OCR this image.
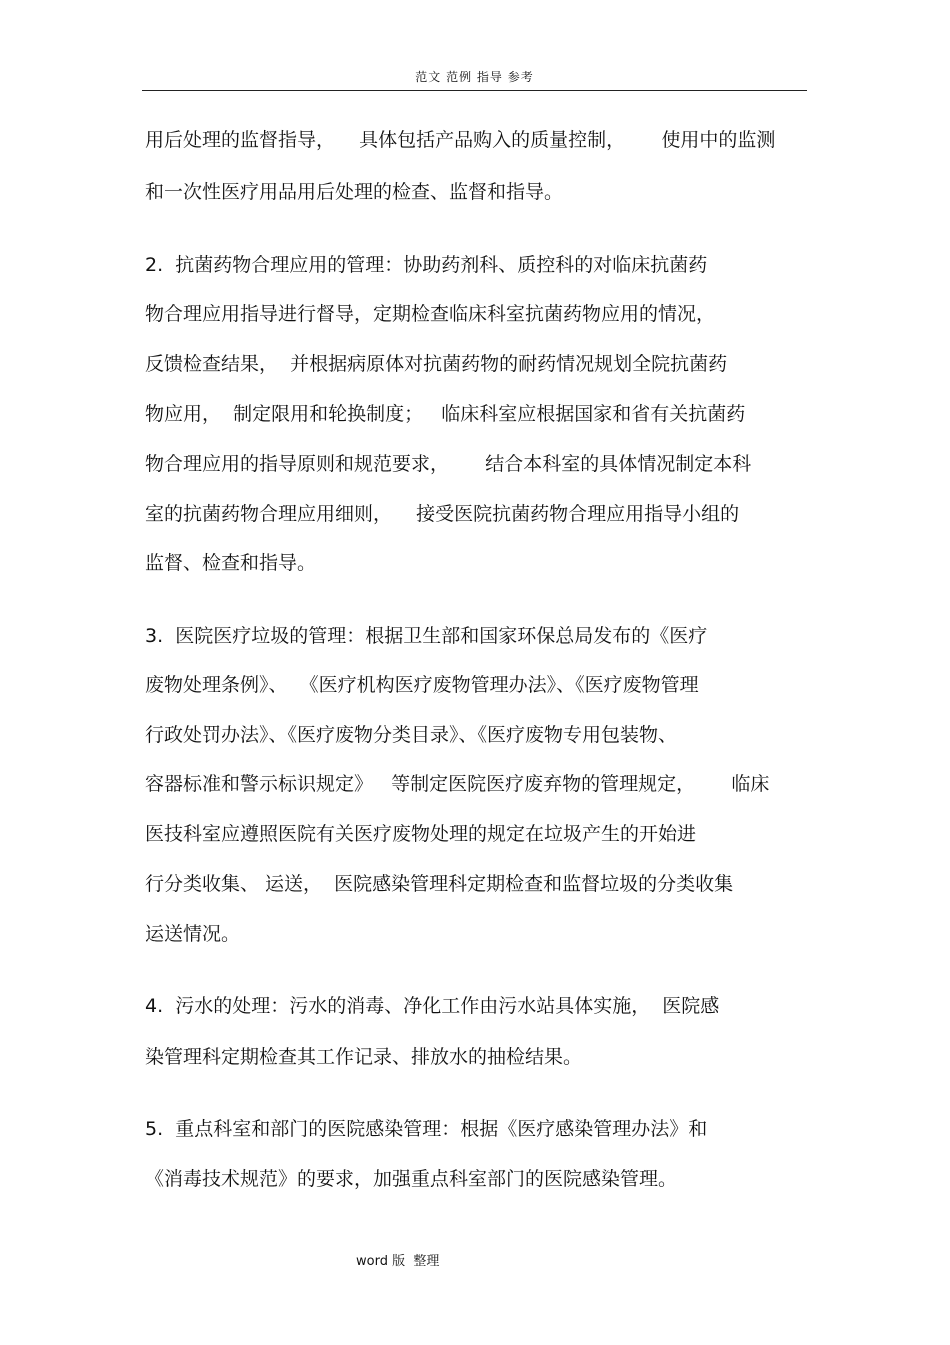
范文 范例 指导 参考
用后处理的监督指导，    具体包括产品购入的质量控制，      使用中的监测
和一次性医疗用品用后处理的检查、监督和指导。
2.  抗菌药物合理应用的管理：协助药剂科、质控科的对临床抗菌药
物合理应用指导进行督导，定期检查临床科室抗菌药物应用的情况，
反馈检查结果，  并根据病原体对抗菌药物的耐药情况规划全院抗菌药
物应用，  制定限用和轮换制度；   临床科室应根据国家和省有关抗菌药
物合理应用的指导原则和规范要求，      结合本科室的具体情况制定本科
室的抗菌药物合理应用细则，    接受医院抗菌药物合理应用指导小组的
监督、检查和指导。
3.  医院医疗垃圾的管理：根据卫生部和国家环保总局发布的《医疗
废物处理条例》、  《医疗机构医疗废物管理办法》、《医疗废物管理
行政处罚办法》、《医疗废物分类目录》、《医疗废物专用包装物、
容器标准和警示标识规定》   等制定医院医疗废弃物的管理规定，      临床
医技科室应遵照医院有关医疗废物处理的规定在垃圾产生的开始进
行分类收集、 运送，  医院感染管理科定期检查和监督垃圾的分类收集
运送情况。
4.  污水的处理：污水的消毒、净化工作由污水站具体实施，  医院感
染管理科定期检查其工作记录、排放水的抽检结果。
5.  重点科室和部门的医院感染管理：根据《医疗感染管理办法》和
《消毒技术规范》的要求，加强重点科室部门的医院感染管理。
word 版  整理
